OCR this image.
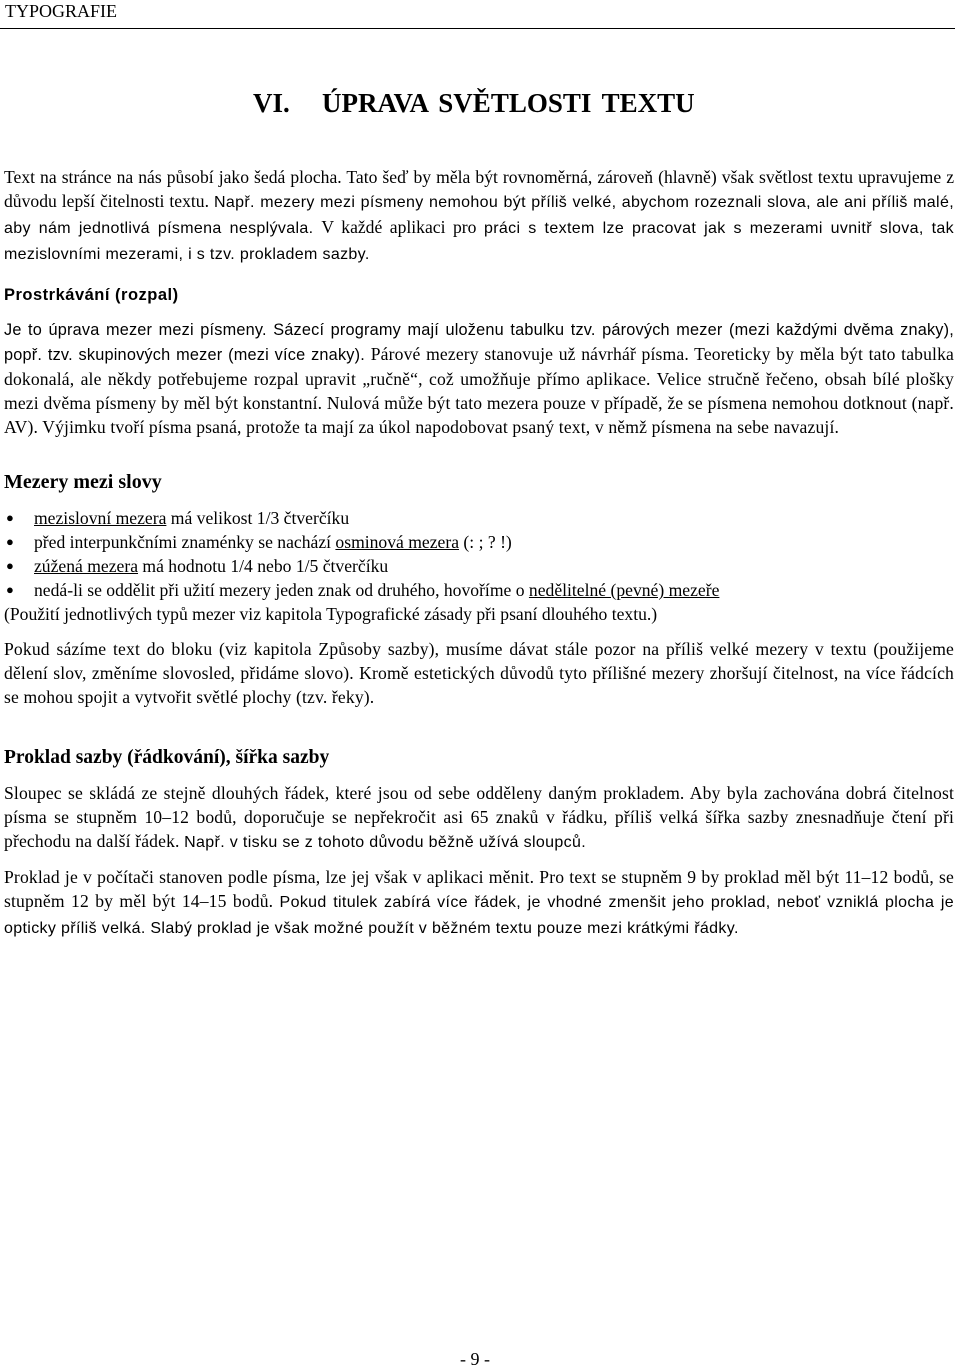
TYPOGRAFIE
VI.   ÚPRAVA SVĚTLOSTI TEXTU

Text na stránce na nás působí jako šedá plocha. Tato šeď by měla být rovnoměrná, zároveň (hlavně) však světlost textu upravujeme z důvodu lepší čitelnosti textu. Např. mezery mezi písmeny nemohou být příliš velké, abychom rozeznali slova, ale ani příliš malé, aby nám jednotlivá písmena nesplývala. V každé aplikaci pro práci s textem lze pracovat jak s mezerami uvnitř slova, tak mezislovními mezerami, i s tzv. prokladem sazby.

Prostrkávání (rozpal)

Je to úprava mezer mezi písmeny. Sázecí programy mají uloženu tabulku tzv. párových mezer (mezi každými dvěma znaky), popř. tzv. skupinových mezer (mezi více znaky). Párové mezery stanovuje už návrhář písma. Teoreticky by měla být tato tabulka dokonalá, ale někdy potřebujeme rozpal upravit „ručně“, což umožňuje přímo aplikace. Velice stručně řečeno, obsah bílé plošky mezi dvěma písmeny by měl být konstantní. Nulová může být tato mezera pouze v případě, že se písmena nemohou dotknout (např. AV). Výjimku tvoří písma psaná, protože ta mají za úkol napodobovat psaný text, v němž písmena na sebe navazují.

Mezery mezi slovy
● mezislovní mezera má velikost 1/3 čtverčíku
● před interpunkčními znaménky se nachází osminová mezera (: ; ? !)
● zúžená mezera má hodnotu 1/4 nebo 1/5 čtverčíku
● nedá-li se oddělit při užití mezery jeden znak od druhého, hovoříme o nedělitelné (pevné) mezeře

(Použití jednotlivých typů mezer viz kapitola Typografické zásady při psaní dlouhého textu.)

Pokud sázíme text do bloku (viz kapitola Způsoby sazby), musíme dávat stále pozor na příliš velké mezery v textu (použijeme dělení slov, změníme slovosled, přidáme slovo). Kromě estetických důvodů tyto přílišné mezery zhoršují čitelnost, na více řádcích se mohou spojit a vytvořit světlé plochy (tzv. řeky).

Proklad sazby (řádkování), šířka sazby

Sloupec se skládá ze stejně dlouhých řádek, které jsou od sebe odděleny daným prokladem. Aby byla zachována dobrá čitelnost písma se stupněm 10–12 bodů, doporučuje se nepřekročit asi 65 znaků v řádku, příliš velká šířka sazby znesnadňuje čtení při přechodu na další řádek. Např. v tisku se z tohoto důvodu běžně užívá sloupců.

Proklad je v počítači stanoven podle písma, lze jej však v aplikaci měnit. Pro text se stupněm 9 by proklad měl být 11–12 bodů, se stupněm 12 by měl být 14–15 bodů. Pokud titulek zabírá více řádek, je vhodné zmenšit jeho proklad, neboť vzniklá plocha je opticky příliš velká. Slabý proklad je však možné použít v běžném textu pouze mezi krátkými řádky.

- 9 -
